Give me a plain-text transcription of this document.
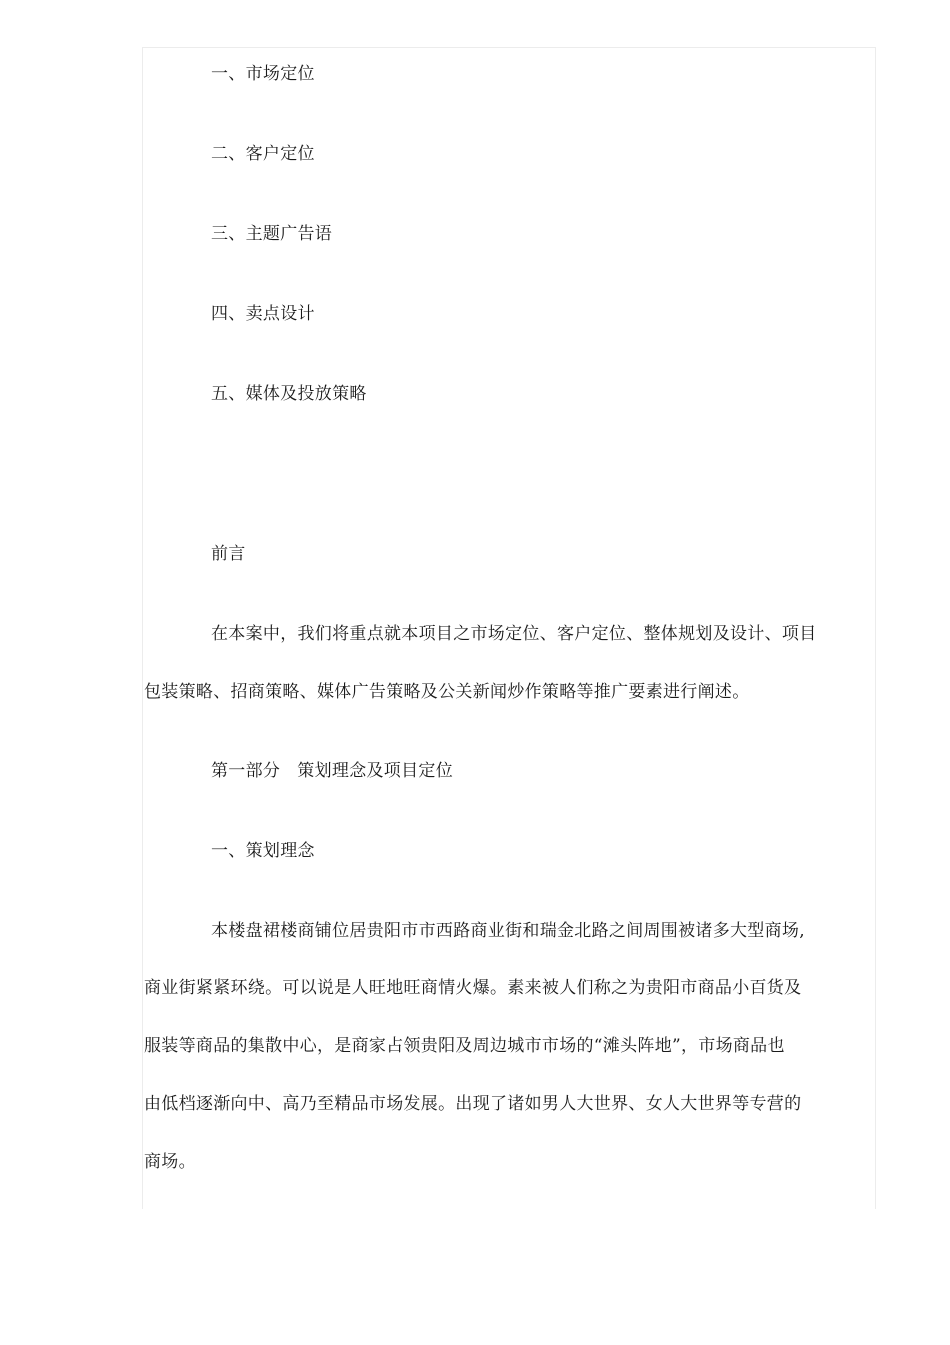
一、市场定位
二、客户定位
三、主题广告语
四、卖点设计
五、媒体及投放策略
前言
在本案中，我们将重点就本项目之市场定位、客户定位、整体规划及设计、项目
包装策略、招商策略、媒体广告策略及公关新闻炒作策略等推广要素进行阐述。
第一部分   策划理念及项目定位
一、策划理念
本楼盘裙楼商铺位居贵阳市市西路商业街和瑞金北路之间周围被诸多大型商场,
商业街紧紧环绕。可以说是人旺地旺商情火爆。素来被人们称之为贵阳市商品小百货及
服装等商品的集散中心，是商家占领贵阳及周边城市市场的“滩头阵地”，市场商品也
由低档逐渐向中、高乃至精品市场发展。出现了诸如男人大世界、女人大世界等专营的
商场。
